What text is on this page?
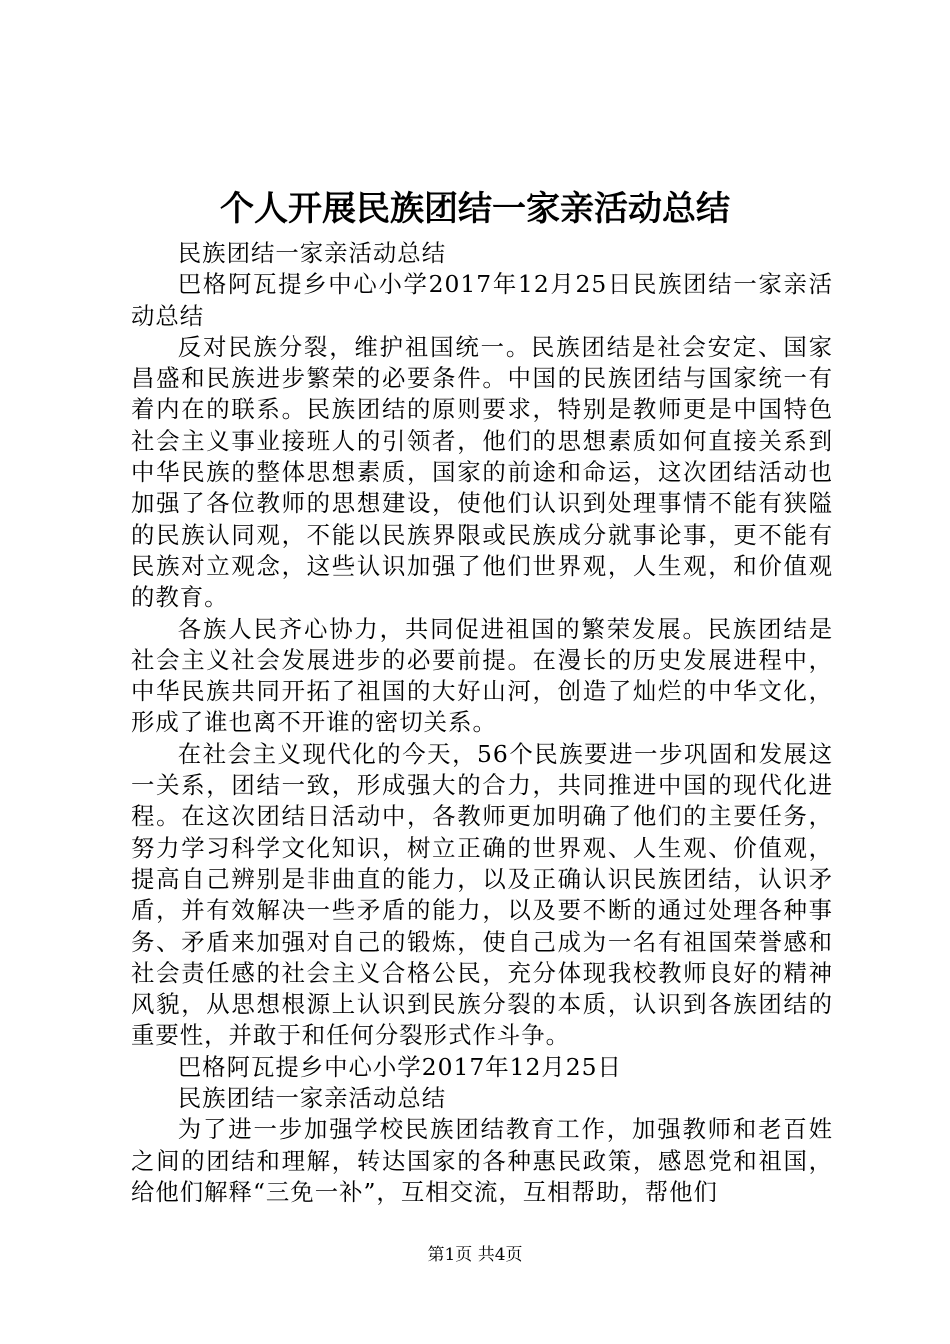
个人开展民族团结一家亲活动总结

民族团结一家亲活动总结

巴格阿瓦提乡中心小学2017年12月25日民族团结一家亲活动总结

反对民族分裂，维护祖国统一。民族团结是社会安定、国家昌盛和民族进步繁荣的必要条件。中国的民族团结与国家统一有着内在的联系。民族团结的原则要求，特别是教师更是中国特色社会主义事业接班人的引领者，他们的思想素质如何直接关系到中华民族的整体思想素质，国家的前途和命运，这次团结活动也加强了各位教师的思想建设，使他们认识到处理事情不能有狭隘的民族认同观，不能以民族界限或民族成分就事论事，更不能有民族对立观念，这些认识加强了他们世界观，人生观，和价值观的教育。

各族人民齐心协力，共同促进祖国的繁荣发展。民族团结是社会主义社会发展进步的必要前提。在漫长的历史发展进程中，中华民族共同开拓了祖国的大好山河，创造了灿烂的中华文化，形成了谁也离不开谁的密切关系。

在社会主义现代化的今天，56个民族要进一步巩固和发展这一关系，团结一致，形成强大的合力，共同推进中国的现代化进程。在这次团结日活动中，各教师更加明确了他们的主要任务，努力学习科学文化知识，树立正确的世界观、人生观、价值观，提高自己辨别是非曲直的能力，以及正确认识民族团结，认识矛盾，并有效解决一些矛盾的能力，以及要不断的通过处理各种事务、矛盾来加强对自己的锻炼，使自己成为一名有祖国荣誉感和社会责任感的社会主义合格公民，充分体现我校教师良好的精神风貌，从思想根源上认识到民族分裂的本质，认识到各族团结的重要性，并敢于和任何分裂形式作斗争。

巴格阿瓦提乡中心小学2017年12月25日

民族团结一家亲活动总结

为了进一步加强学校民族团结教育工作，加强教师和老百姓之间的团结和理解，转达国家的各种惠民政策，感恩党和祖国，给他们解释“三免一补”，互相交流，互相帮助，帮他们

第1页 共4页
